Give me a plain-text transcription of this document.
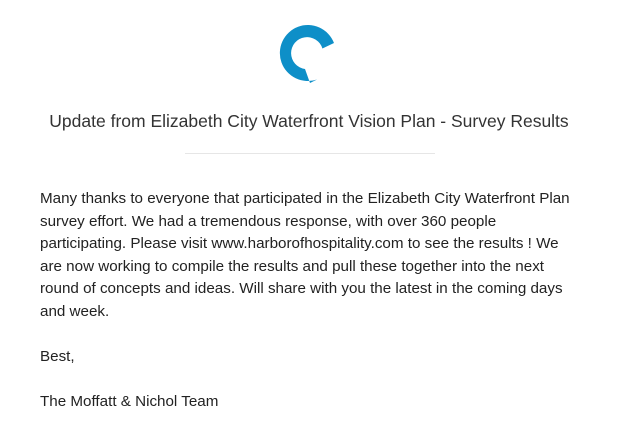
Update from Elizabeth City Waterfront Vision Plan - Survey Results

Many thanks to everyone that participated in the Elizabeth City Waterfront Plan survey effort. We had a tremendous response, with over 360 people participating. Please visit www.harborofhospitality.com to see the results ! We are now working to compile the results and pull these together into the next round of concepts and ideas. Will share with you the latest in the coming days and week.

Best,

The Moffatt & Nichol Team
